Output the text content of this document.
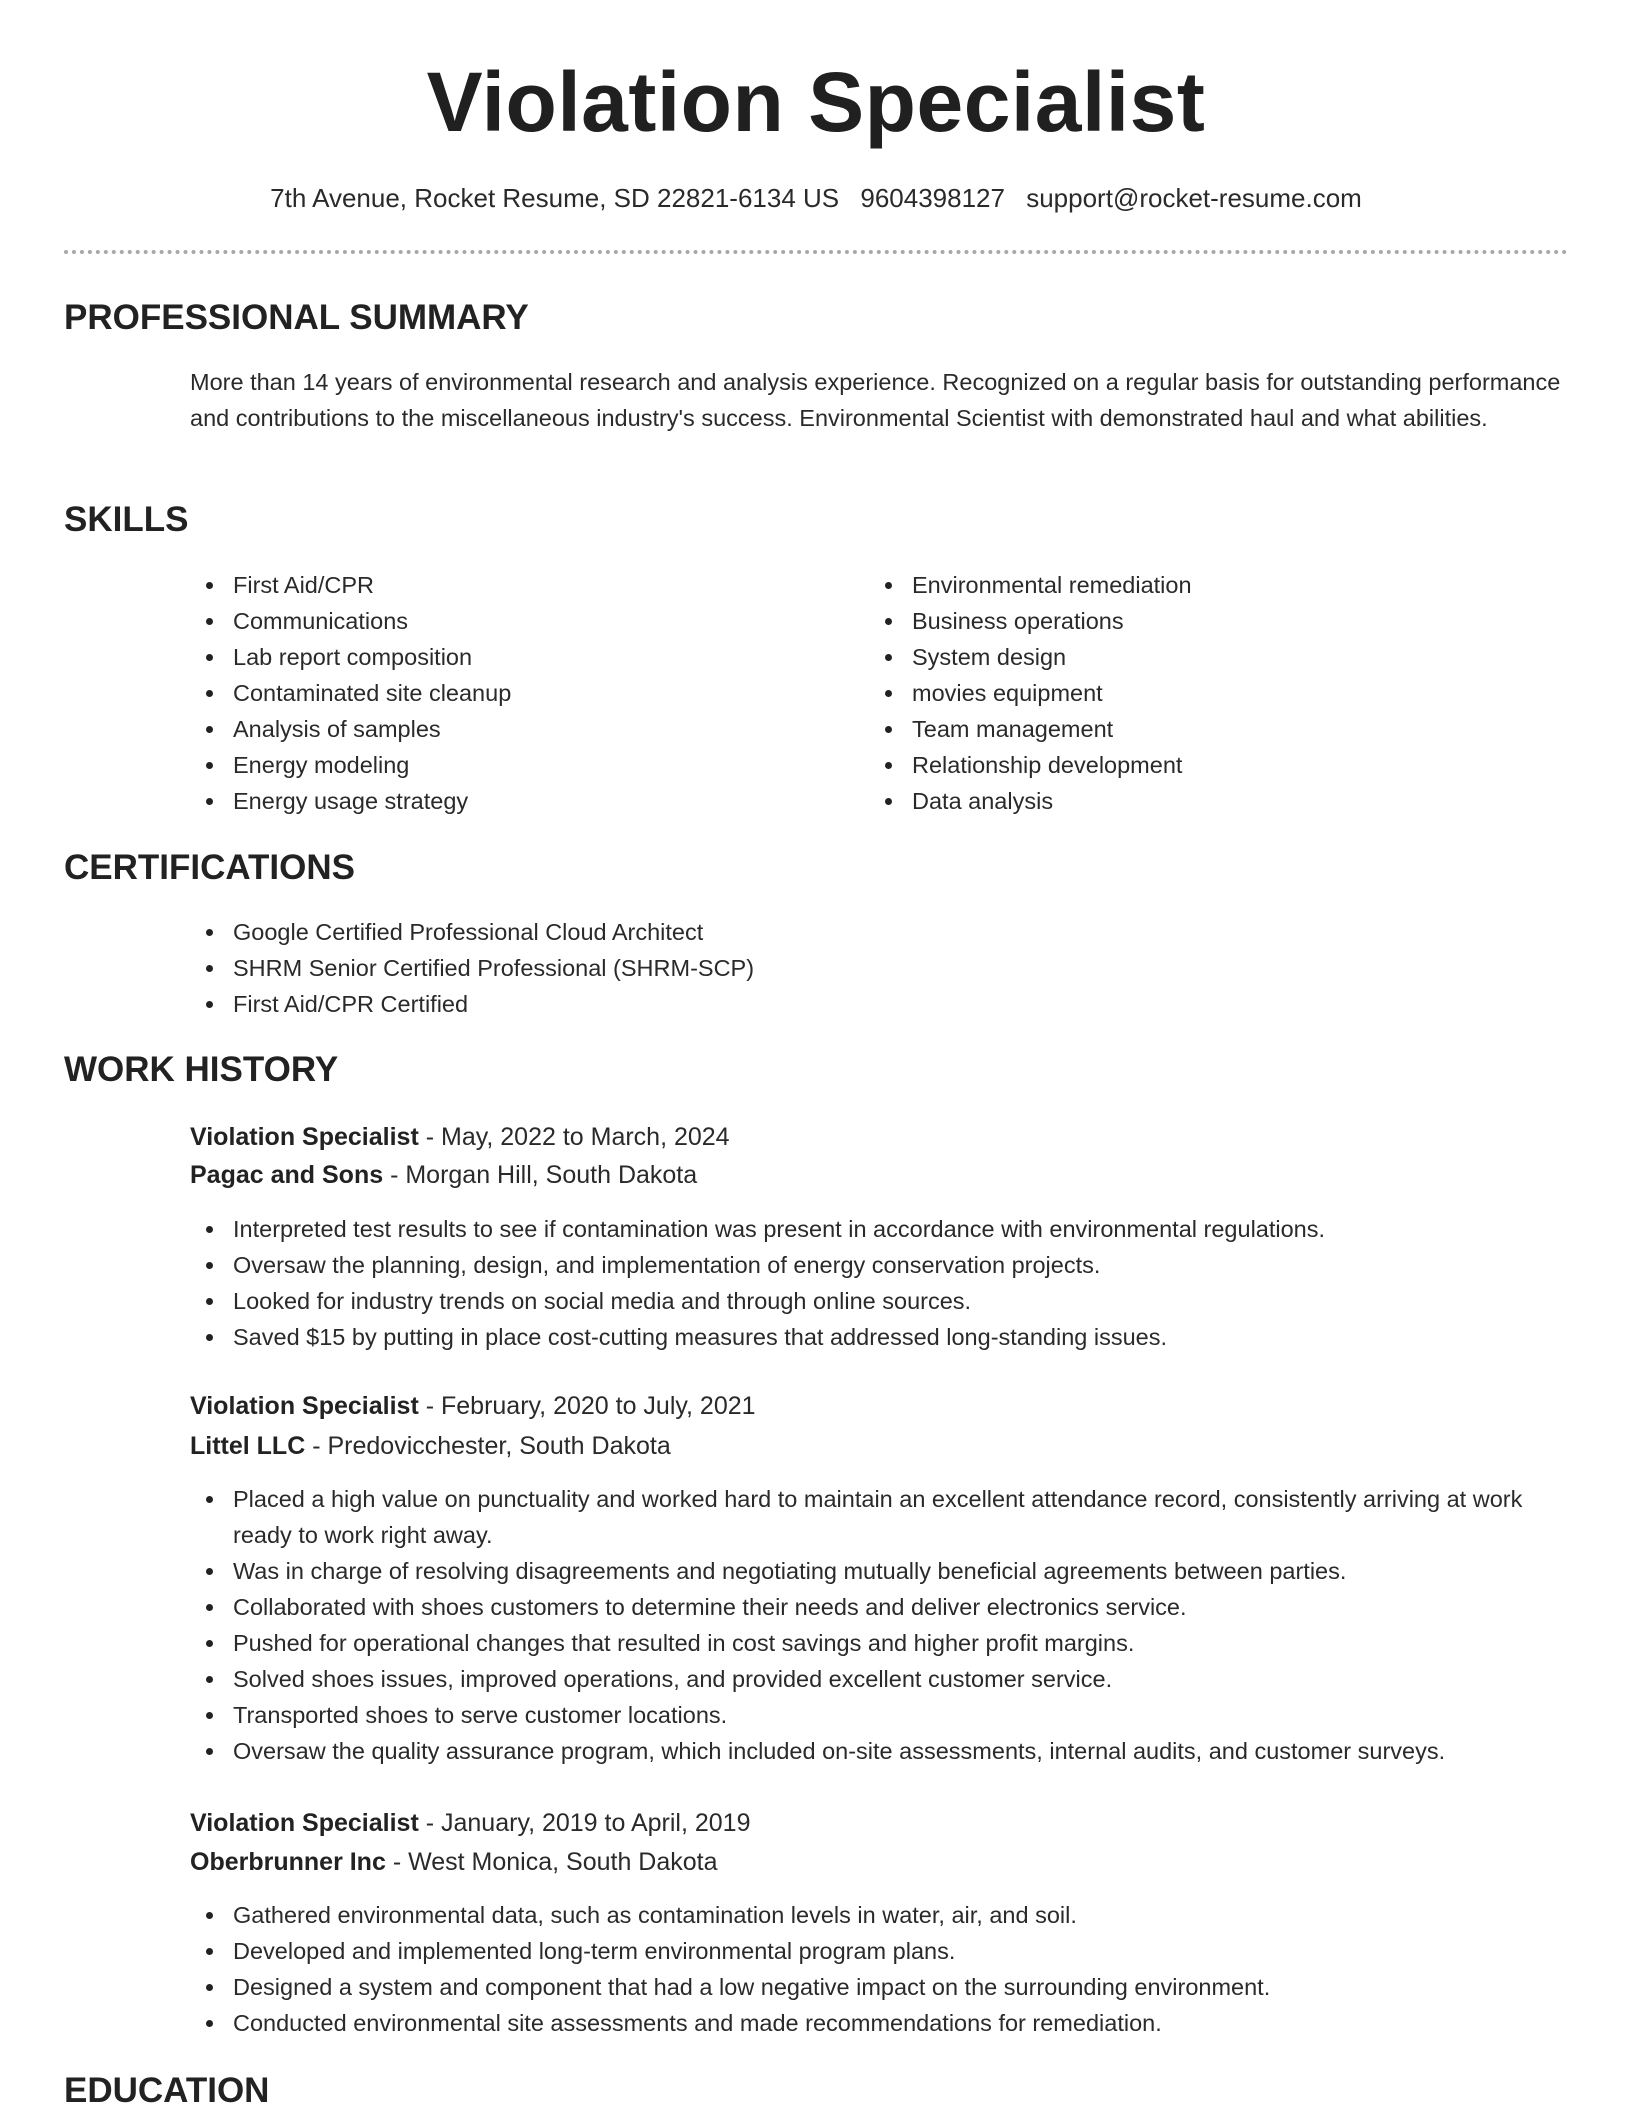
Violation Specialist
7th Avenue, Rocket Resume, SD 22821-6134 US 9604398127 support@rocket-resume.com
PROFESSIONAL SUMMARY

More than 14 years of environmental research and analysis experience. Recognized on a regular basis for outstanding performance and contributions to the miscellaneous industry's success. Environmental Scientist with demonstrated haul and what abilities.

SKILLS
First Aid/CPR
Communications
Lab report composition
Contaminated site cleanup
Analysis of samples
Energy modeling
Energy usage strategy
Environmental remediation
Business operations
System design
movies equipment
Team management
Relationship development
Data analysis
CERTIFICATIONS
Google Certified Professional Cloud Architect
SHRM Senior Certified Professional (SHRM-SCP)
First Aid/CPR Certified
WORK HISTORY
Violation Specialist - May, 2022 to March, 2024
Pagac and Sons - Morgan Hill, South Dakota
Interpreted test results to see if contamination was present in accordance with environmental regulations.
Oversaw the planning, design, and implementation of energy conservation projects.
Looked for industry trends on social media and through online sources.
Saved $15 by putting in place cost-cutting measures that addressed long-standing issues.
Violation Specialist - February, 2020 to July, 2021
Littel LLC - Predovicchester, South Dakota
Placed a high value on punctuality and worked hard to maintain an excellent attendance record, consistently arriving at work ready to work right away.
Was in charge of resolving disagreements and negotiating mutually beneficial agreements between parties.
Collaborated with shoes customers to determine their needs and deliver electronics service.
Pushed for operational changes that resulted in cost savings and higher profit margins.
Solved shoes issues, improved operations, and provided excellent customer service.
Transported shoes to serve customer locations.
Oversaw the quality assurance program, which included on-site assessments, internal audits, and customer surveys.
Violation Specialist - January, 2019 to April, 2019
Oberbrunner Inc - West Monica, South Dakota
Gathered environmental data, such as contamination levels in water, air, and soil.
Developed and implemented long-term environmental program plans.
Designed a system and component that had a low negative impact on the surrounding environment.
Conducted environmental site assessments and made recommendations for remediation.
EDUCATION
